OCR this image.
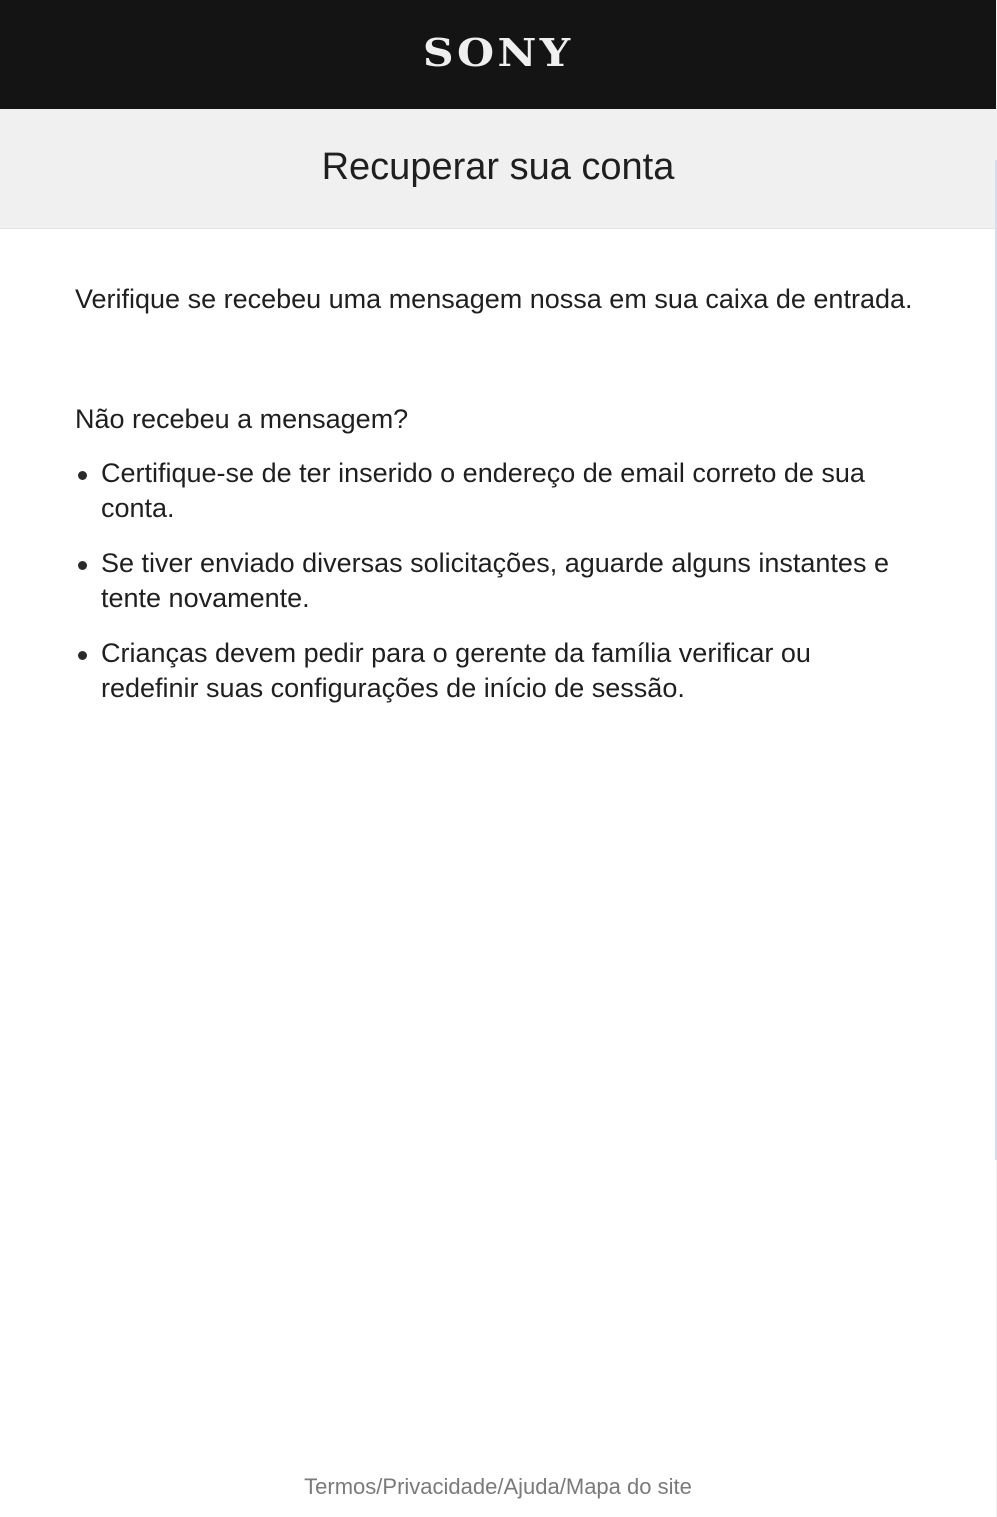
SONY
Recuperar sua conta

Verifique se recebeu uma mensagem nossa em sua caixa de entrada.

Não recebeu a mensagem?

Certifique-se de ter inserido o endereço de email correto de sua conta.
Se tiver enviado diversas solicitações, aguarde alguns instantes e tente novamente.
Crianças devem pedir para o gerente da família verificar ou redefinir suas configurações de início de sessão.
Termos/Privacidade/Ajuda/Mapa do site
